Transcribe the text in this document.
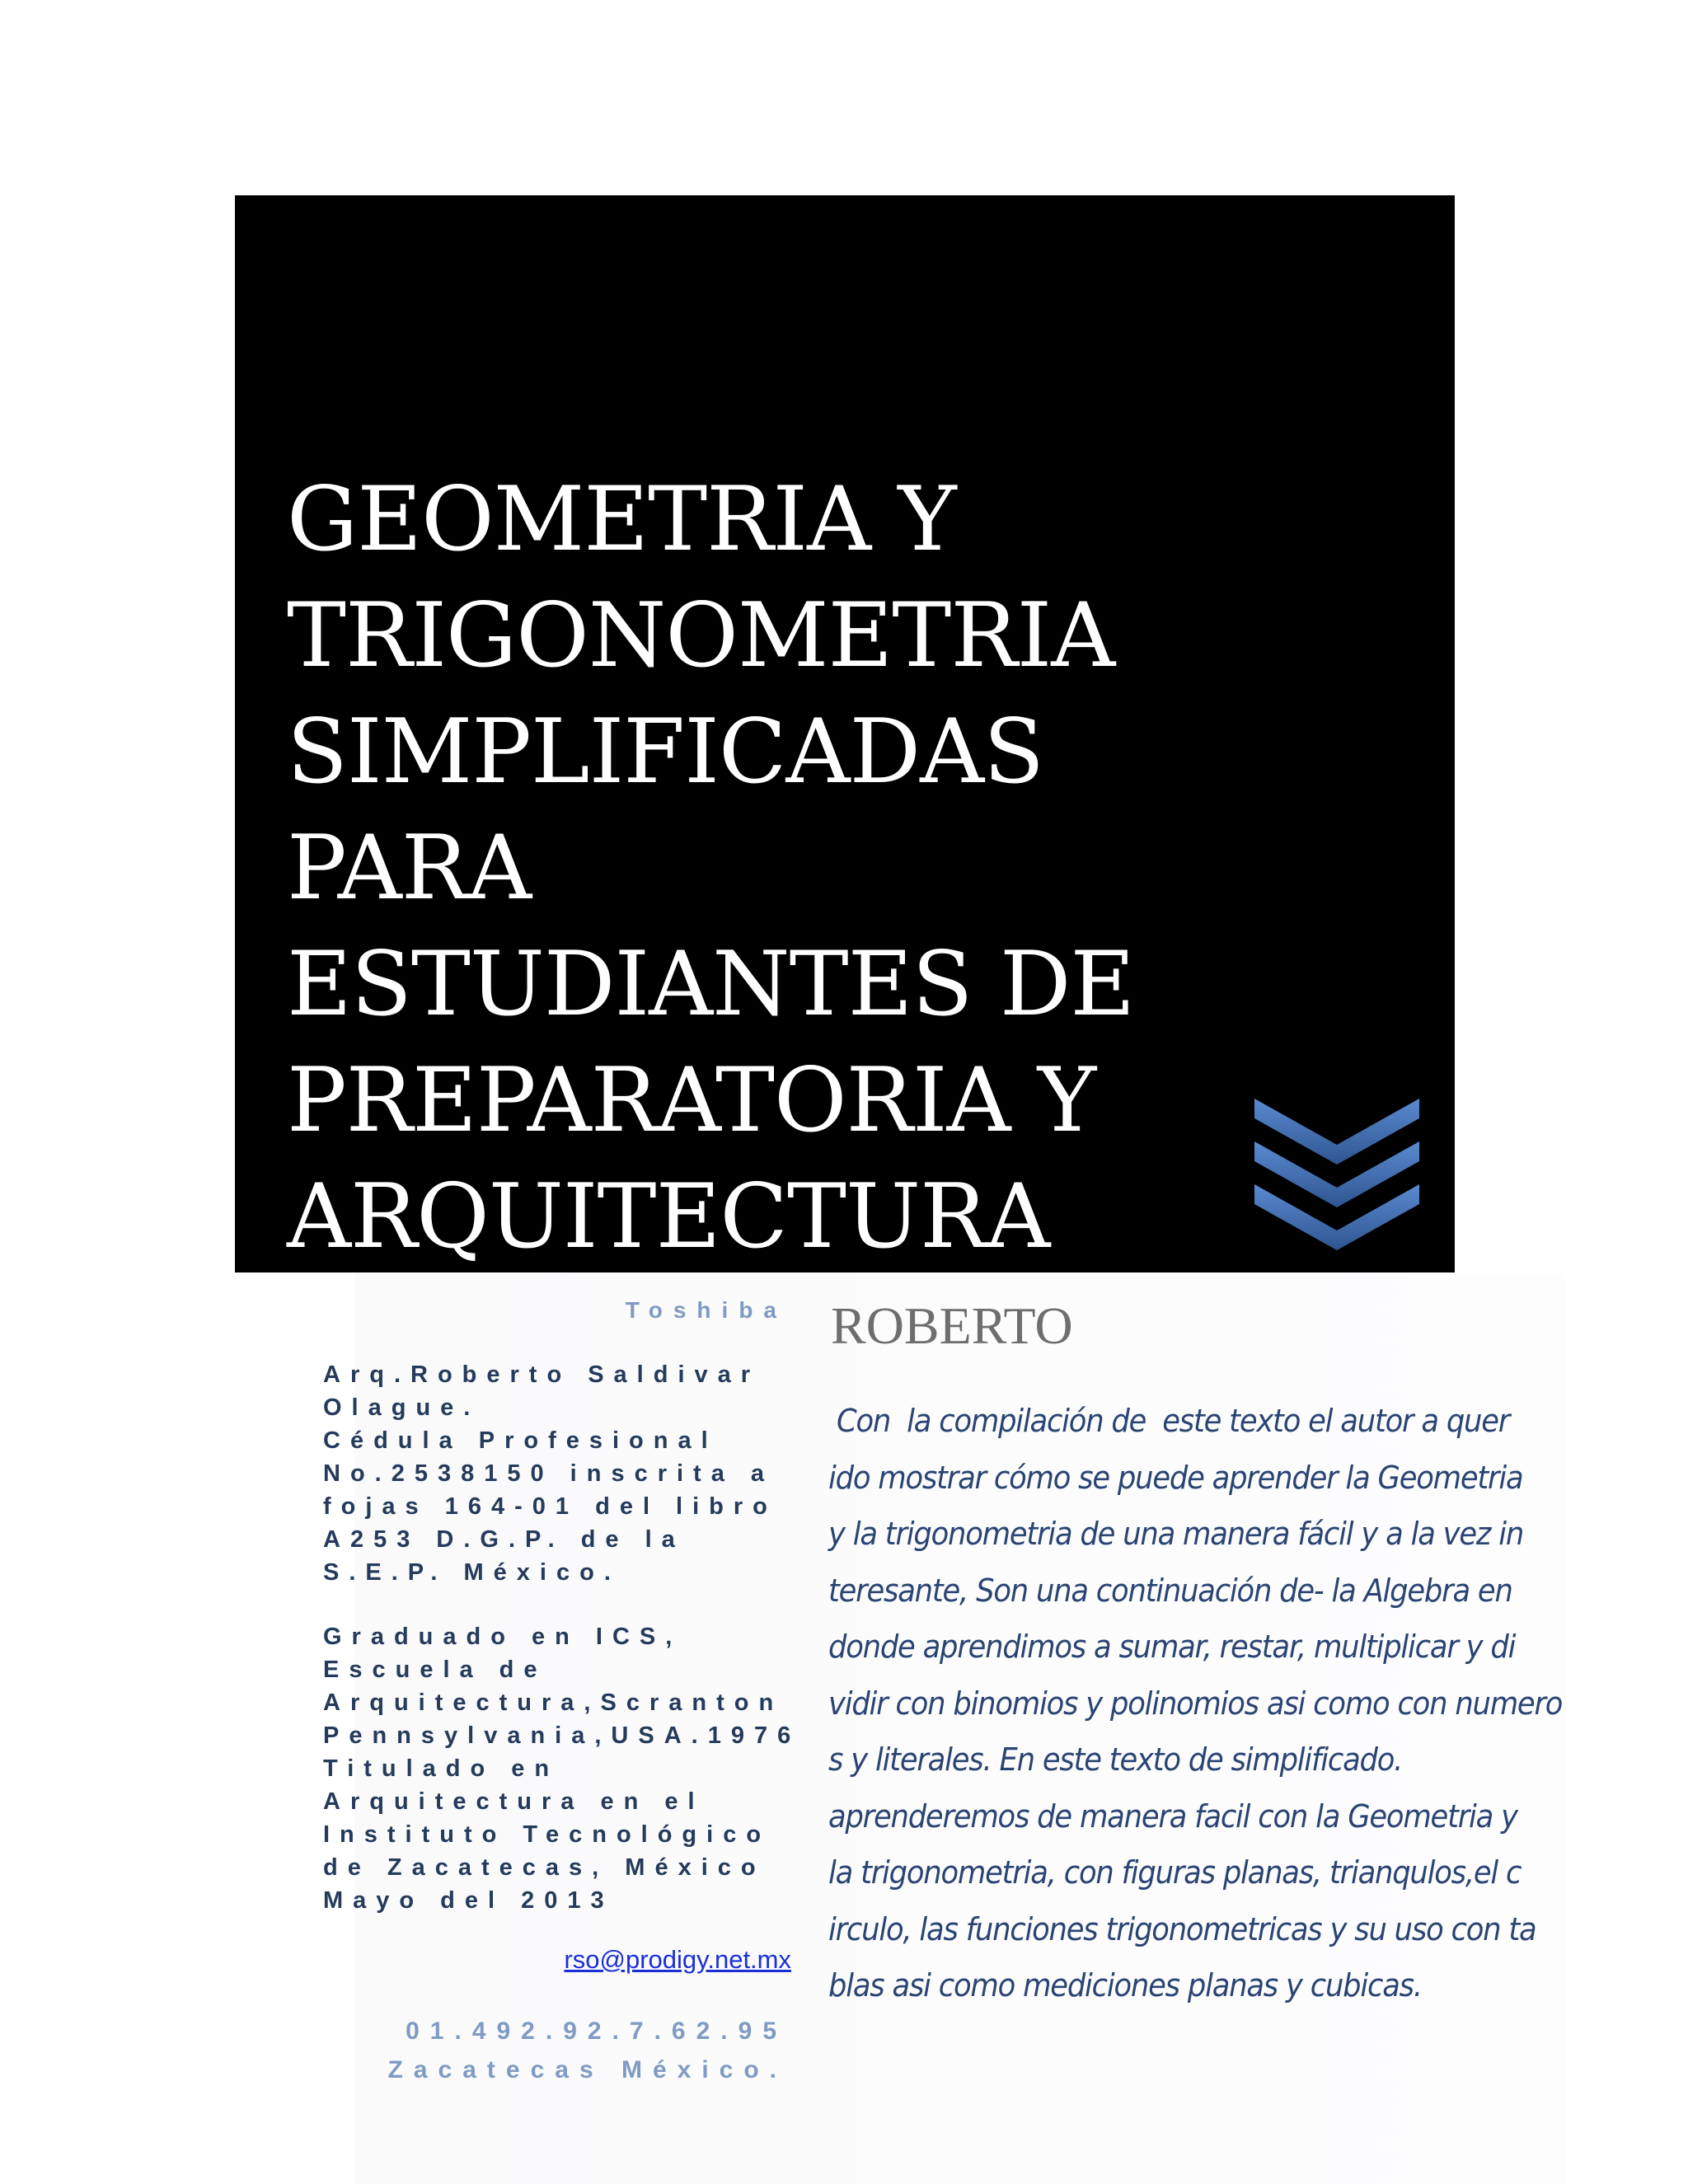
GEOMETRIA Y
TRIGONOMETRIA
SIMPLIFICADAS
PARA
ESTUDIANTES DE
PREPARATORIA Y
ARQUITECTURA
Toshiba ROBERTO

Arq.Roberto Saldivar

Olague.

Cédula Profesional

No.2538150 inscrita a

fojas 164-01 del libro

A253 D.G.P. de la

S.E.P. México.

Graduado en ICS,

Escuela de

Arquitectura,Scranton

Pennsylvania,USA.1976

Titulado en

Arquitectura en el

Instituto Tecnológico

de Zacatecas, México

Mayo del 2013

rso@prodigy.net.mx
01.492.92.7.62.95
Zacatecas México.
Con  la compilación de  este texto el autor a quer
ido mostrar cómo se puede aprender la Geometria
y la trigonometria de una manera fácil y a la vez in
teresante, Son una continuación de- la Algebra en
donde aprendimos a sumar, restar, multiplicar y di
vidir con binomios y polinomios asi como con numero
s y literales. En este texto de simplificado.
aprenderemos de manera facil con la Geometria y
la trigonometria, con figuras planas, trianqulos,el c
irculo, las funciones trigonometricas y su uso con ta
blas asi como mediciones planas y cubicas.
